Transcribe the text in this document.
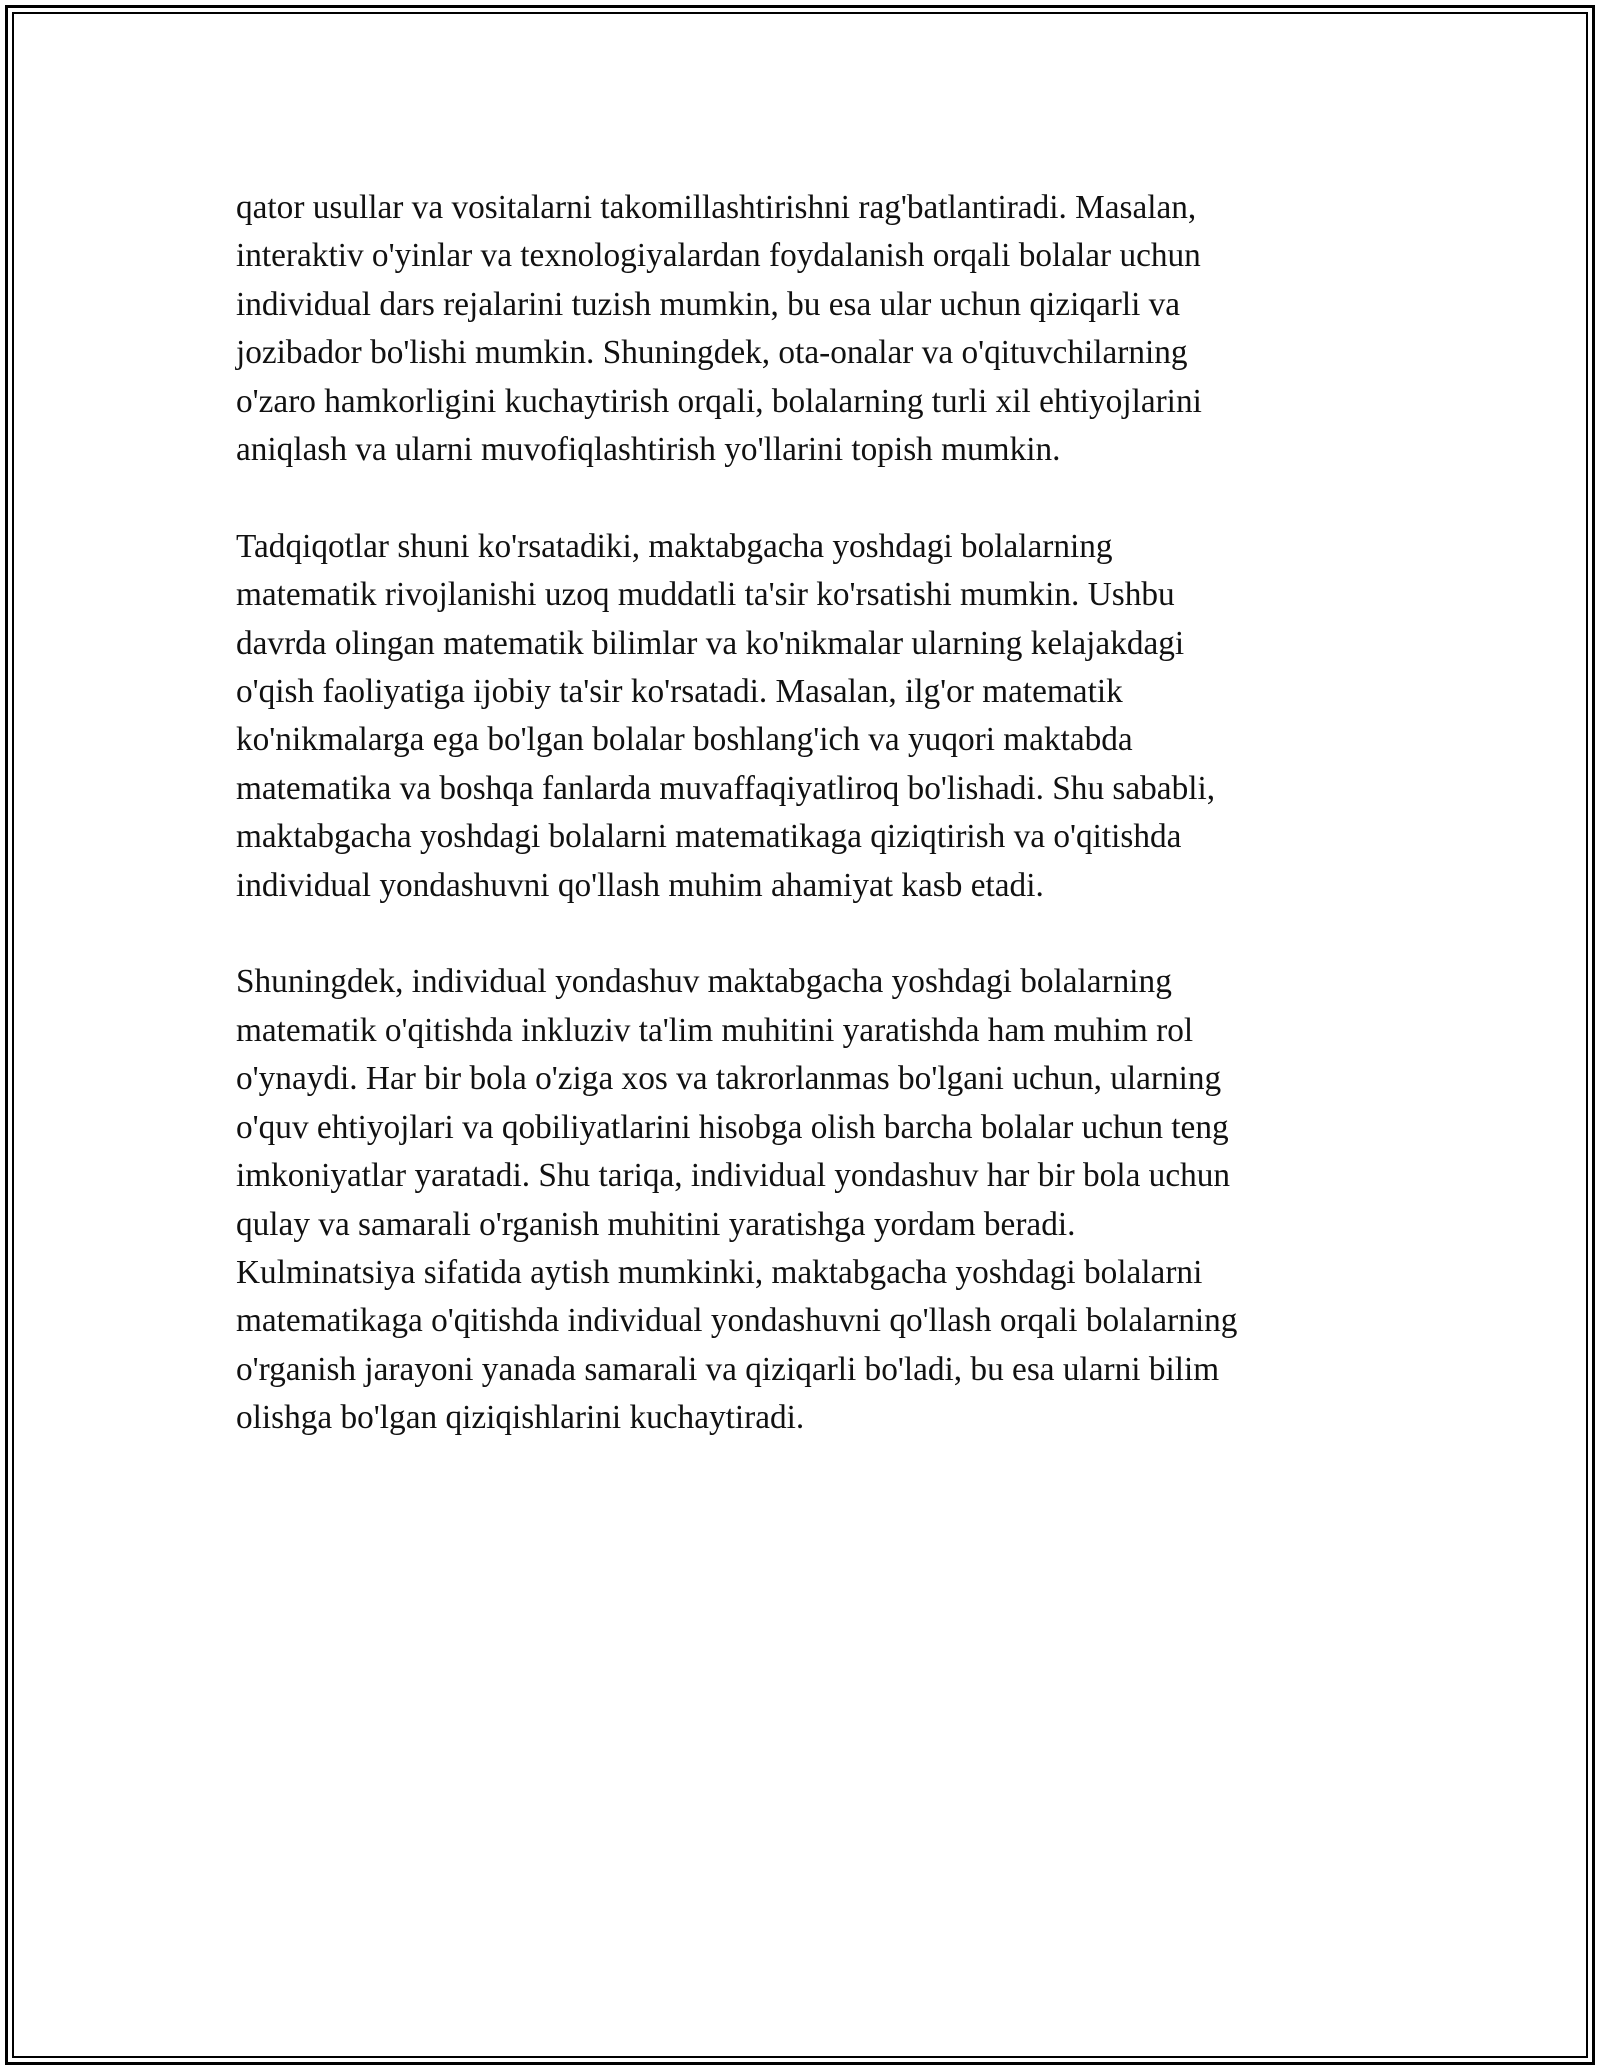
qator usullar va vositalarni takomillashtirishni rag'batlantiradi. Masalan,

interaktiv o'yinlar va texnologiyalardan foydalanish orqali bolalar uchun

individual dars rejalarini tuzish mumkin, bu esa ular uchun qiziqarli va

jozibador bo'lishi mumkin. Shuningdek, ota-onalar va o'qituvchilarning

o'zaro hamkorligini kuchaytirish orqali, bolalarning turli xil ehtiyojlarini

aniqlash va ularni muvofiqlashtirish yo'llarini topish mumkin.

Tadqiqotlar shuni ko'rsatadiki, maktabgacha yoshdagi bolalarning

matematik rivojlanishi uzoq muddatli ta'sir ko'rsatishi mumkin. Ushbu

davrda olingan matematik bilimlar va ko'nikmalar ularning kelajakdagi

o'qish faoliyatiga ijobiy ta'sir ko'rsatadi. Masalan, ilg'or matematik

ko'nikmalarga ega bo'lgan bolalar boshlang'ich va yuqori maktabda

matematika va boshqa fanlarda muvaffaqiyatliroq bo'lishadi. Shu sababli,

maktabgacha yoshdagi bolalarni matematikaga qiziqtirish va o'qitishda

individual yondashuvni qo'llash muhim ahamiyat kasb etadi.

Shuningdek, individual yondashuv maktabgacha yoshdagi bolalarning

matematik o'qitishda inkluziv ta'lim muhitini yaratishda ham muhim rol

o'ynaydi. Har bir bola o'ziga xos va takrorlanmas bo'lgani uchun, ularning

o'quv ehtiyojlari va qobiliyatlarini hisobga olish barcha bolalar uchun teng

imkoniyatlar yaratadi. Shu tariqa, individual yondashuv har bir bola uchun

qulay va samarali o'rganish muhitini yaratishga yordam beradi.

Kulminatsiya sifatida aytish mumkinki, maktabgacha yoshdagi bolalarni

matematikaga o'qitishda individual yondashuvni qo'llash orqali bolalarning

o'rganish jarayoni yanada samarali va qiziqarli bo'ladi, bu esa ularni bilim

olishga bo'lgan qiziqishlarini kuchaytiradi.
